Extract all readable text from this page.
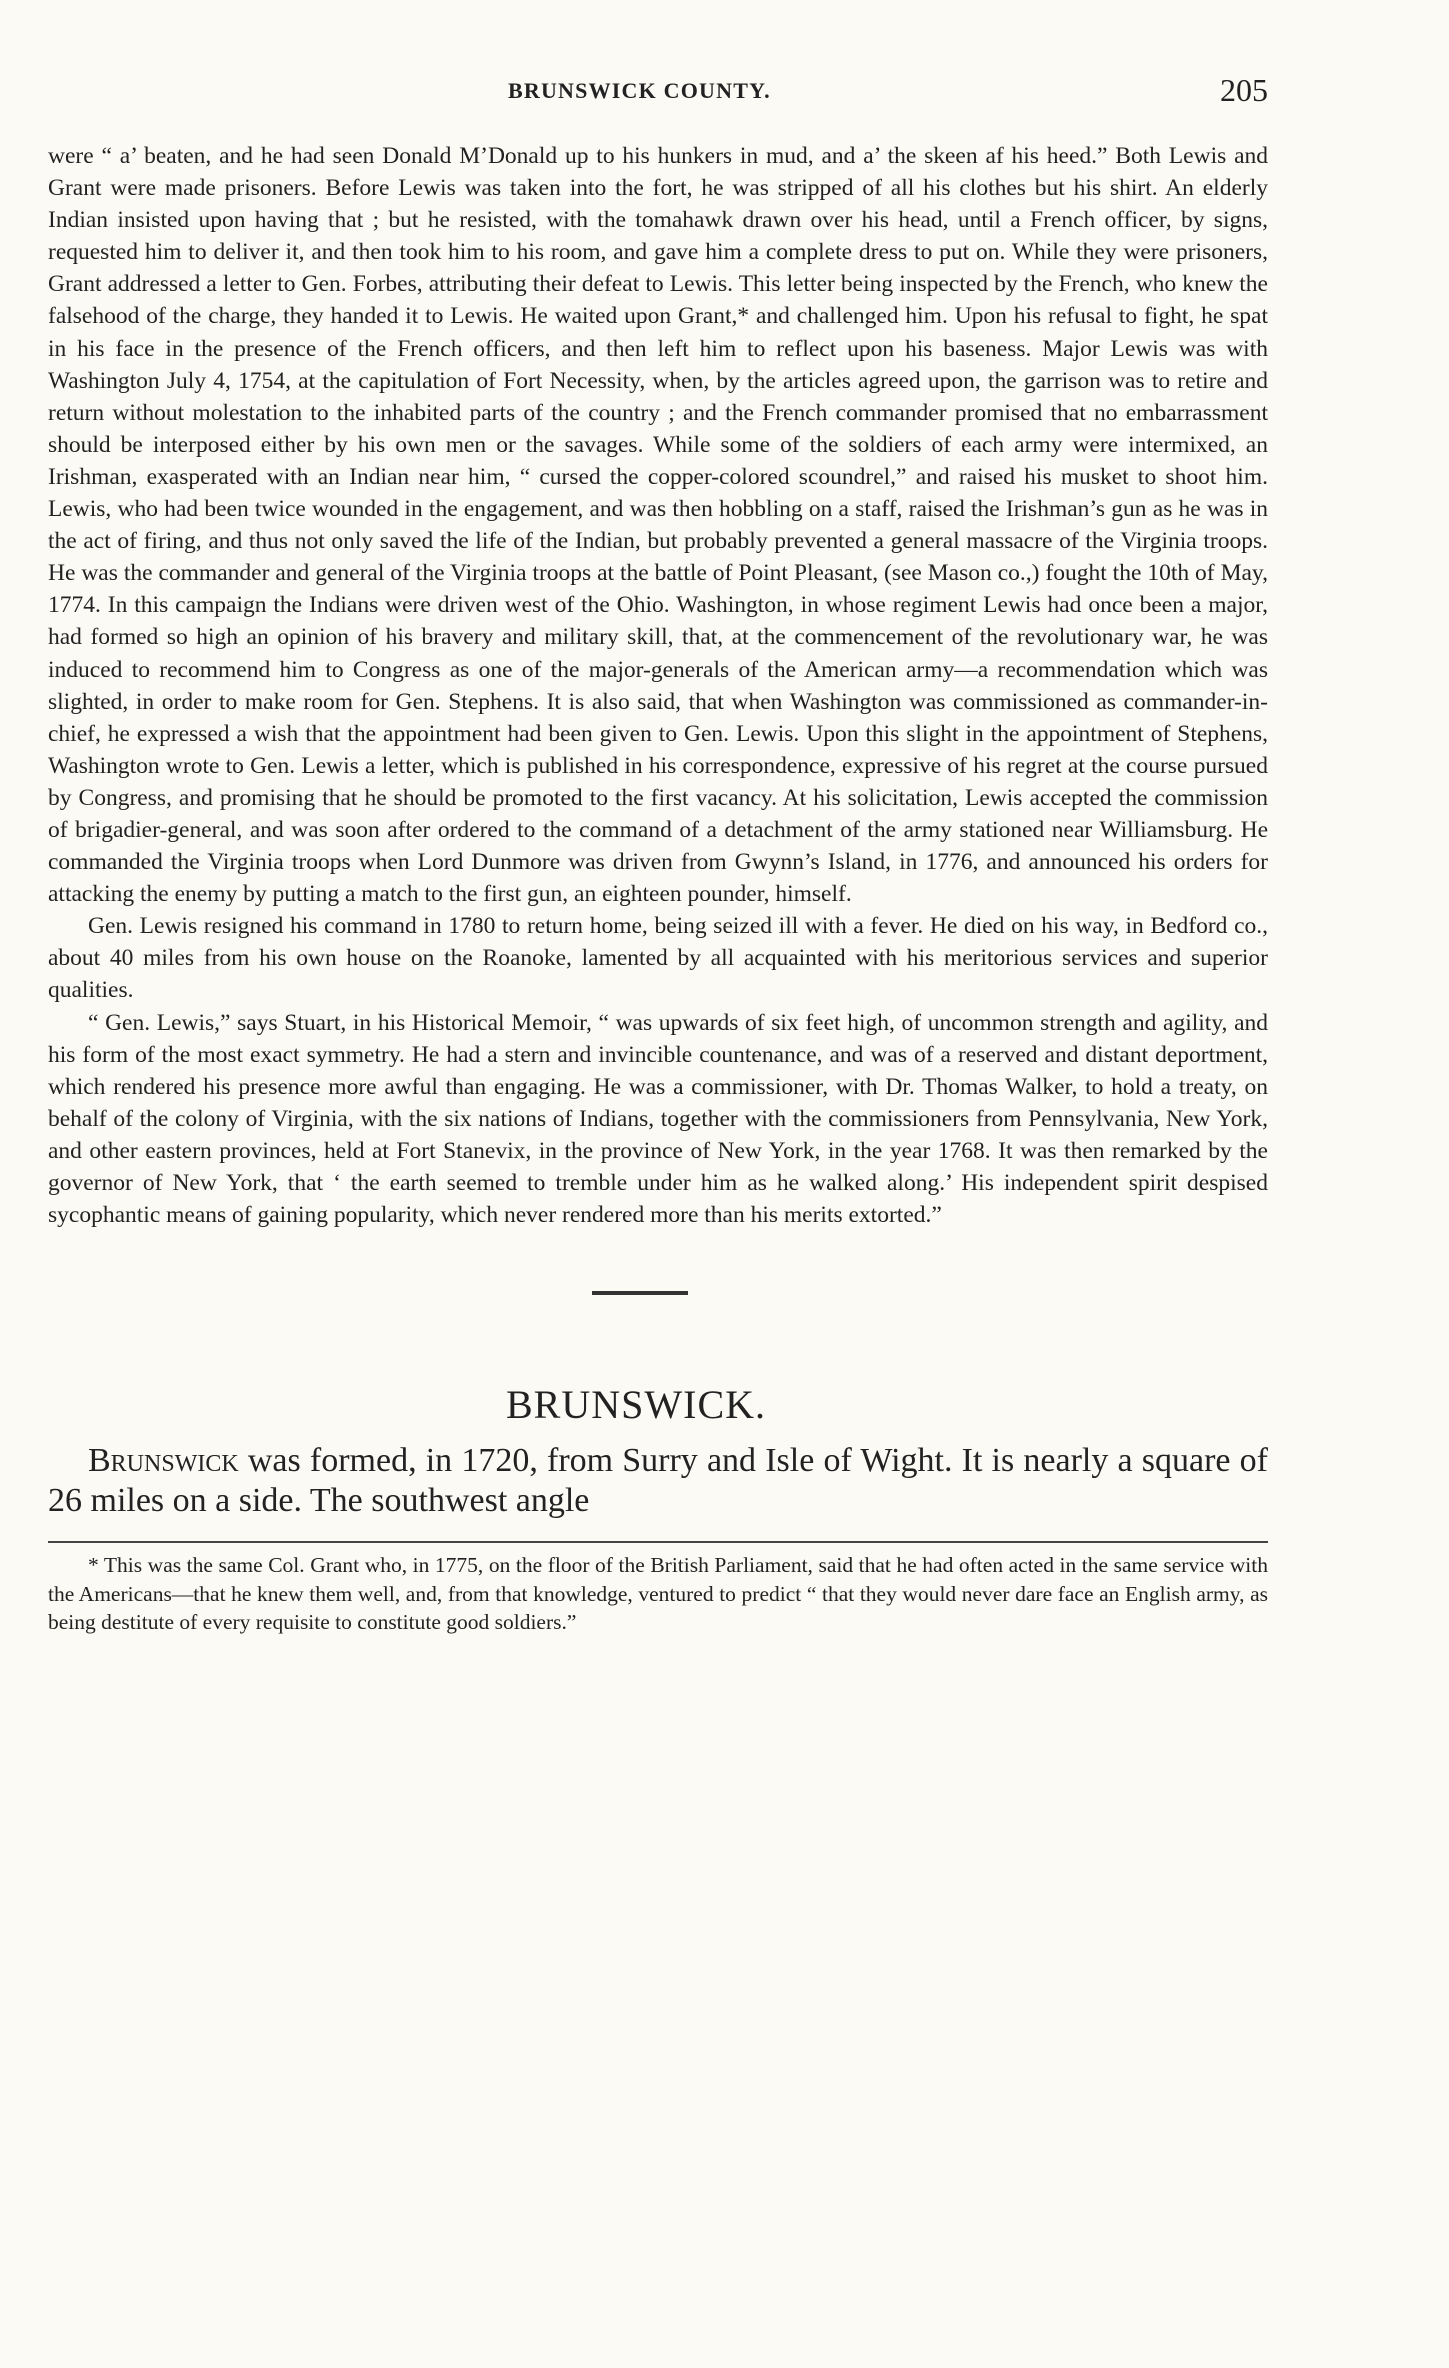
BRUNSWICK COUNTY.	205

were “ a’ beaten, and he had seen Donald M’Donald up to his hunkers in mud, and a’ the skeen af his heed.” Both Lewis and Grant were made prisoners. Before Lewis was taken into the fort, he was stripped of all his clothes but his shirt. An elderly Indian insisted upon having that ; but he resisted, with the tomahawk drawn over his head, until a French officer, by signs, requested him to deliver it, and then took him to his room, and gave him a complete dress to put on. While they were prisoners, Grant addressed a letter to Gen. Forbes, attributing their defeat to Lewis. This letter being inspected by the French, who knew the falsehood of the charge, they handed it to Lewis. He waited upon Grant,* and challenged him. Upon his refusal to fight, he spat in his face in the presence of the French officers, and then left him to reflect upon his baseness. Major Lewis was with Washington July 4, 1754, at the capitulation of Fort Necessity, when, by the articles agreed upon, the garrison was to retire and return without molestation to the inhabited parts of the country ; and the French commander promised that no embarrassment should be interposed either by his own men or the savages. While some of the soldiers of each army were intermixed, an Irishman, exasperated with an Indian near him, “ cursed the copper-colored scoundrel,” and raised his musket to shoot him. Lewis, who had been twice wounded in the engagement, and was then hobbling on a staff, raised the Irishman’s gun as he was in the act of firing, and thus not only saved the life of the Indian, but probably prevented a general massacre of the Virginia troops. He was the commander and general of the Virginia troops at the battle of Point Pleasant, (see Mason co.,) fought the 10th of May, 1774. In this campaign the Indians were driven west of the Ohio. Washington, in whose regiment Lewis had once been a major, had formed so high an opinion of his bravery and military skill, that, at the commencement of the revolutionary war, he was induced to recommend him to Congress as one of the major-generals of the American army—a recommendation which was slighted, in order to make room for Gen. Stephens. It is also said, that when Washington was commissioned as commander-in-chief, he expressed a wish that the appointment had been given to Gen. Lewis. Upon this slight in the appointment of Stephens, Washington wrote to Gen. Lewis a letter, which is published in his correspondence, expressive of his regret at the course pursued by Congress, and promising that he should be promoted to the first vacancy. At his solicitation, Lewis accepted the commission of brigadier-general, and was soon after ordered to the command of a detachment of the army stationed near Williamsburg. He commanded the Virginia troops when Lord Dunmore was driven from Gwynn’s Island, in 1776, and announced his orders for attacking the enemy by putting a match to the first gun, an eighteen pounder, himself.

Gen. Lewis resigned his command in 1780 to return home, being seized ill with a fever. He died on his way, in Bedford co., about 40 miles from his own house on the Roanoke, lamented by all acquainted with his meritorious services and superior qualities.

“ Gen. Lewis,” says Stuart, in his Historical Memoir, “ was upwards of six feet high, of uncommon strength and agility, and his form of the most exact symmetry. He had a stern and invincible countenance, and was of a reserved and distant deportment, which rendered his presence more awful than engaging. He was a commissioner, with Dr. Thomas Walker, to hold a treaty, on behalf of the colony of Virginia, with the six nations of Indians, together with the commissioners from Pennsylvania, New York, and other eastern provinces, held at Fort Stanevix, in the province of New York, in the year 1768. It was then remarked by the governor of New York, that ‘ the earth seemed to tremble under him as he walked along.’ His independent spirit despised sycophantic means of gaining popularity, which never rendered more than his merits extorted.”

BRUNSWICK.

Brunswick was formed, in 1720, from Surry and Isle of Wight. It is nearly a square of 26 miles on a side. The southwest angle

* This was the same Col. Grant who, in 1775, on the floor of the British Parliament, said that he had often acted in the same service with the Americans—that he knew them well, and, from that knowledge, ventured to predict “ that they would never dare face an English army, as being destitute of every requisite to constitute good soldiers.”
